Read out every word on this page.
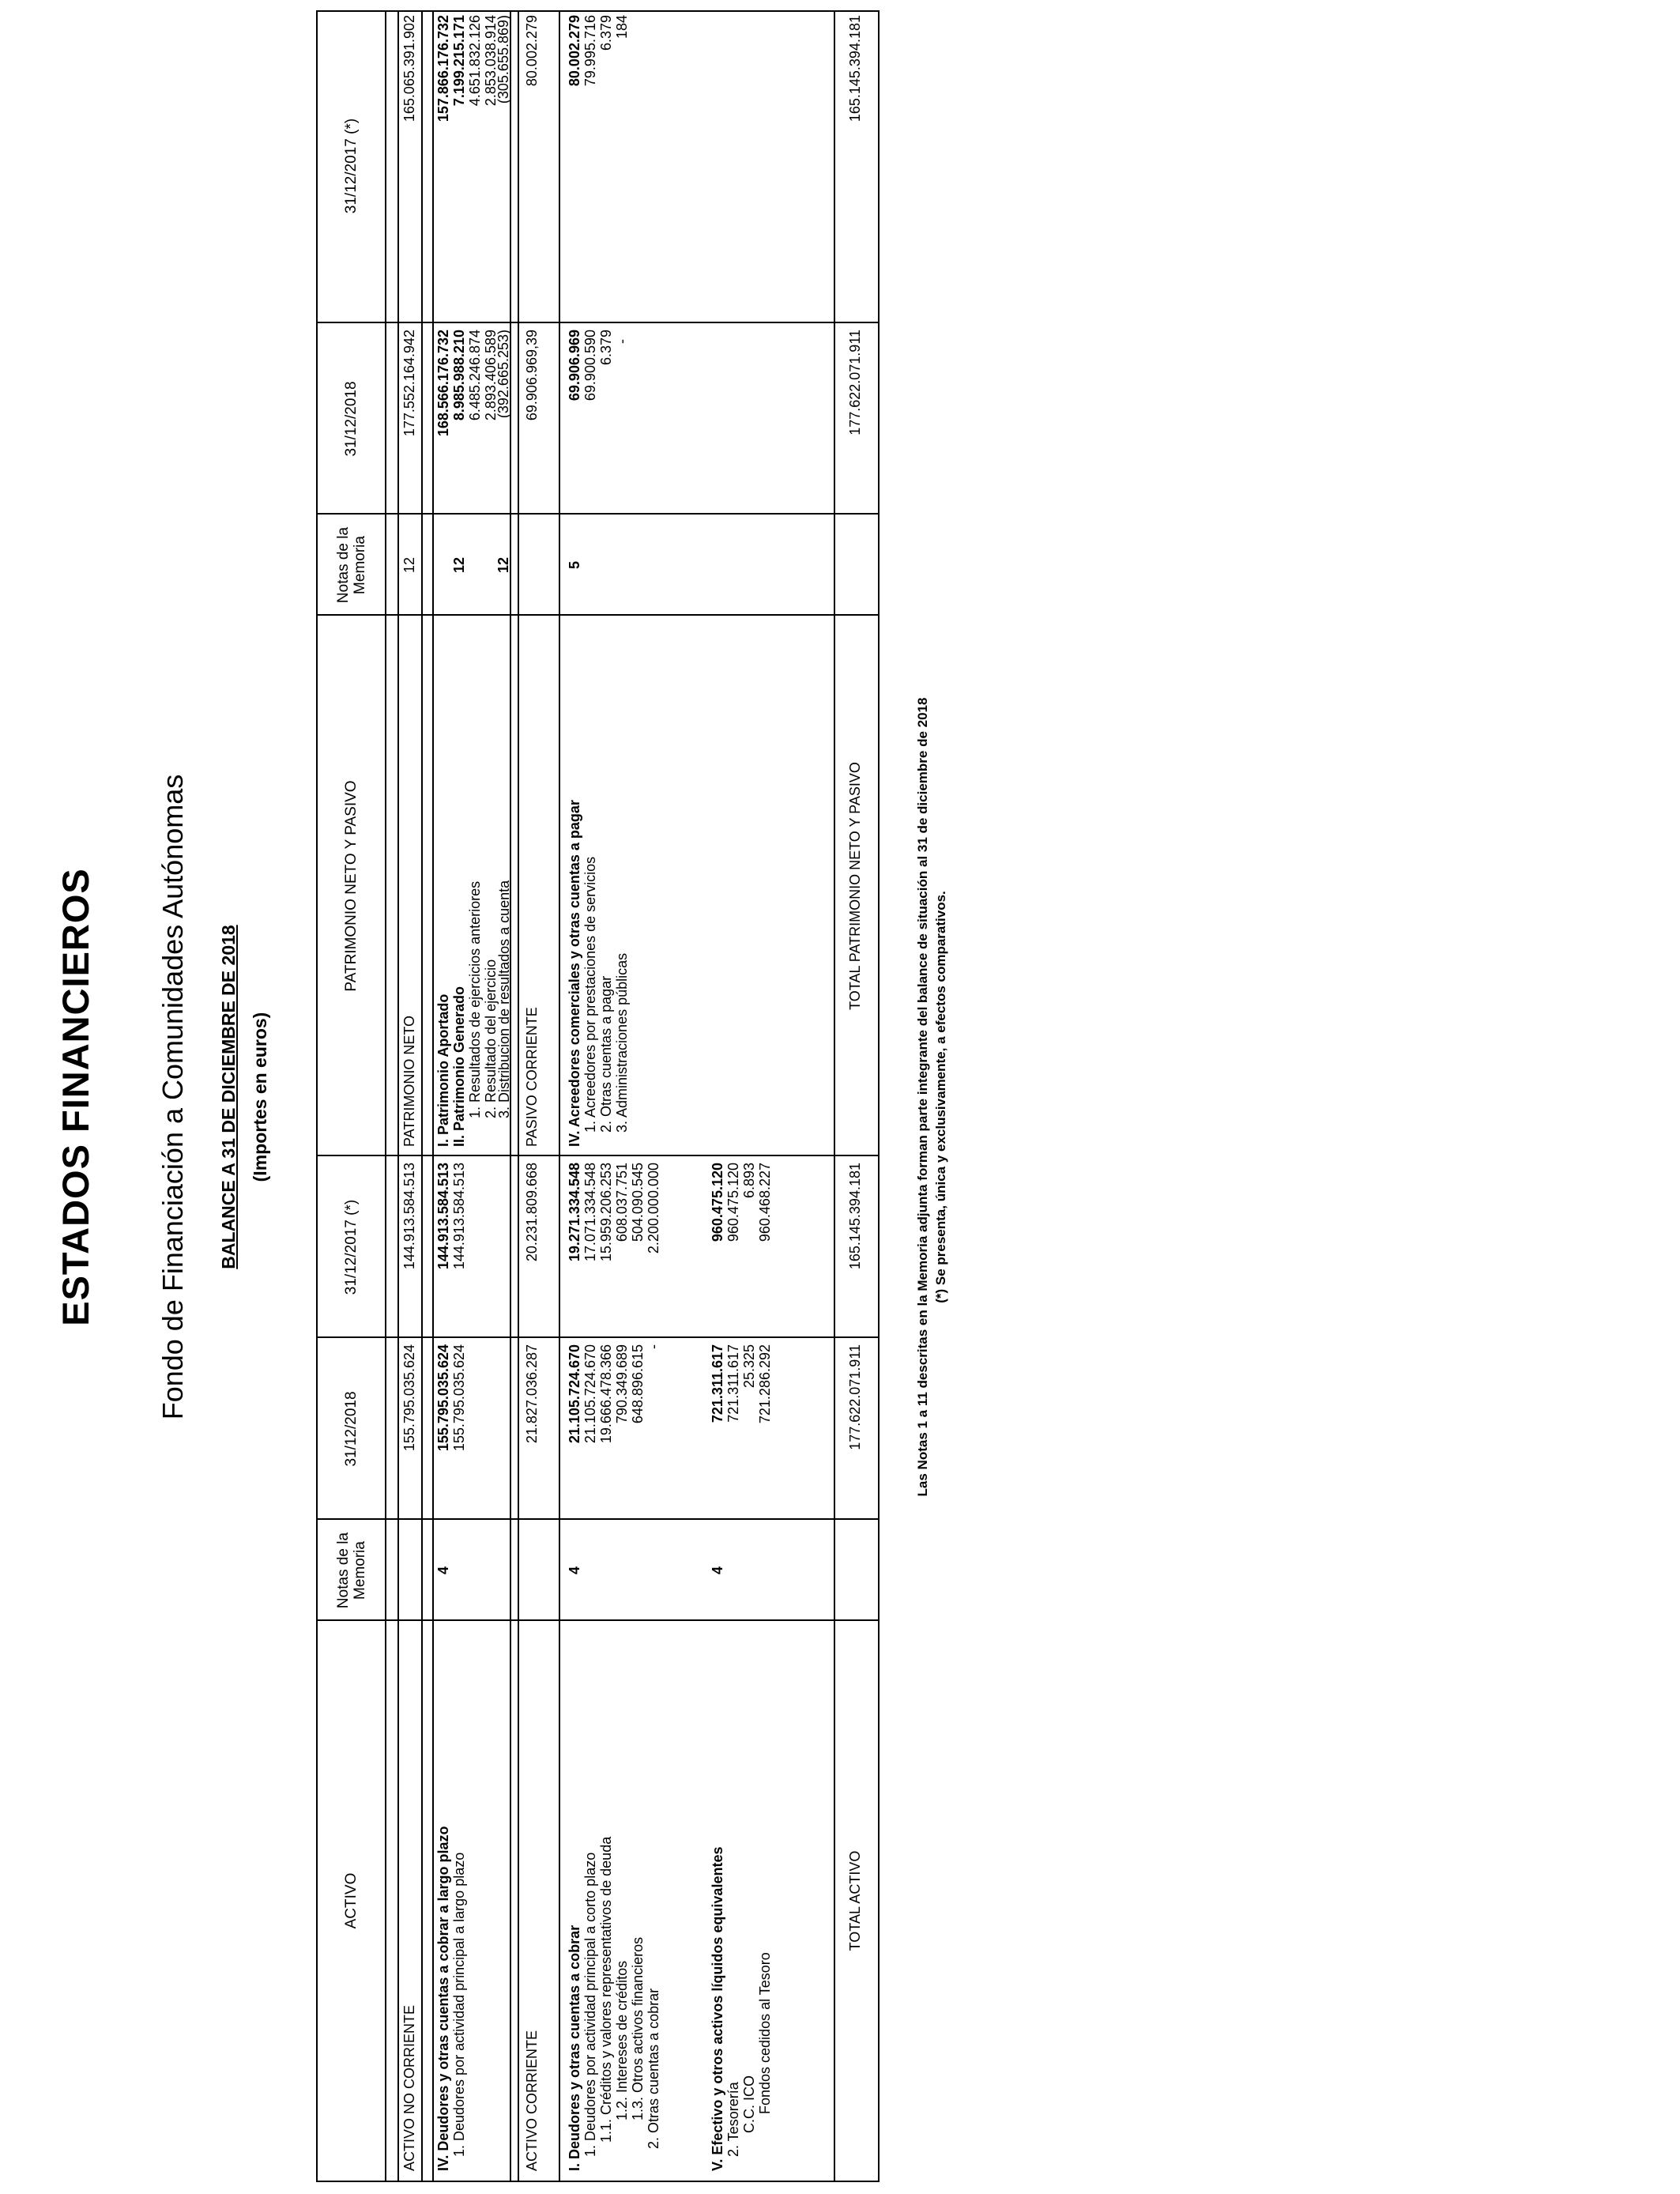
ESTADOS FINANCIEROS Fondo de Financiación a Comunidades Autónomas BALANCE A 31 DE DICIEMBRE DE 2018 (Importes en euros)
ACTIVO
Notas de la Memoria
31/12/2018
31/12/2017 (*)
PATRIMONIO NETO Y PASIVO
Notas de la Memoria
31/12/2018
31/12/2017 (*)
ACTIVO NO CORRIENTE
155.795.035.624
144.913.584.513
IV. Deudores y otras cuentas a cobrar a largo plazo
4
155.795.035.624
144.913.584.513
1. Deudores por actividad principal a largo plazo
155.795.035.624
144.913.584.513
ACTIVO CORRIENTE
21.827.036.287
20.231.809.668
I. Deudores y otras cuentas a cobrar
4
21.105.724.670
19.271.334.548
1. Deudores por actividad principal a corto plazo
21.105.724.670
17.071.334.548
1.1. Créditos y valores representativos de deuda
19.666.478.366
15.959.206.253
1.2. Intereses de créditos
790.349.689
608.037.751
1.3. Otros activos financieros
648.896.615
504.090.545
2. Otras cuentas a cobrar
-
2.200.000.000
V. Efectivo y otros activos líquidos equivalentes
4
721.311.617
960.475.120
2. Tesorería
721.311.617
960.475.120
C.C. ICO
25.325
6.893
Fondos cedidos al Tesoro
721.286.292
960.468.227
TOTAL ACTIVO
177.622.071.911
165.145.394.181
PATRIMONIO NETO
12
177.552.164.942
165.065.391.902
I. Patrimonio Aportado
168.566.176.732
157.866.176.732
II. Patrimonio Generado
12
8.985.988.210
7.199.215.171
1. Resultados de ejercicios anteriores
6.485.246.874
4.651.832.126
2. Resultado del ejercicio
2.893.406.589
2.853.038.914
3. Distribucion de resultados a cuenta
12
(392.665.253)
(305.655.869)
PASIVO CORRIENTE
69.906.969,39
80.002.279
IV. Acreedores comerciales y otras cuentas a pagar
5
69.906.969
80.002.279
1. Acreedores por prestaciones de servicios
69.900.590
79.995.716
2. Otras cuentas a pagar
6.379
6.379
3. Administraciones públicas
-
184
TOTAL PATRIMONIO NETO Y PASIVO
177.622.071.911
165.145.394.181
Las Notas 1 a 11 descritas en la Memoria adjunta forman parte integrante del balance de situación al 31 de diciembre de 2018 (*) Se presenta, única y exclusivamente, a efectos comparativos.
